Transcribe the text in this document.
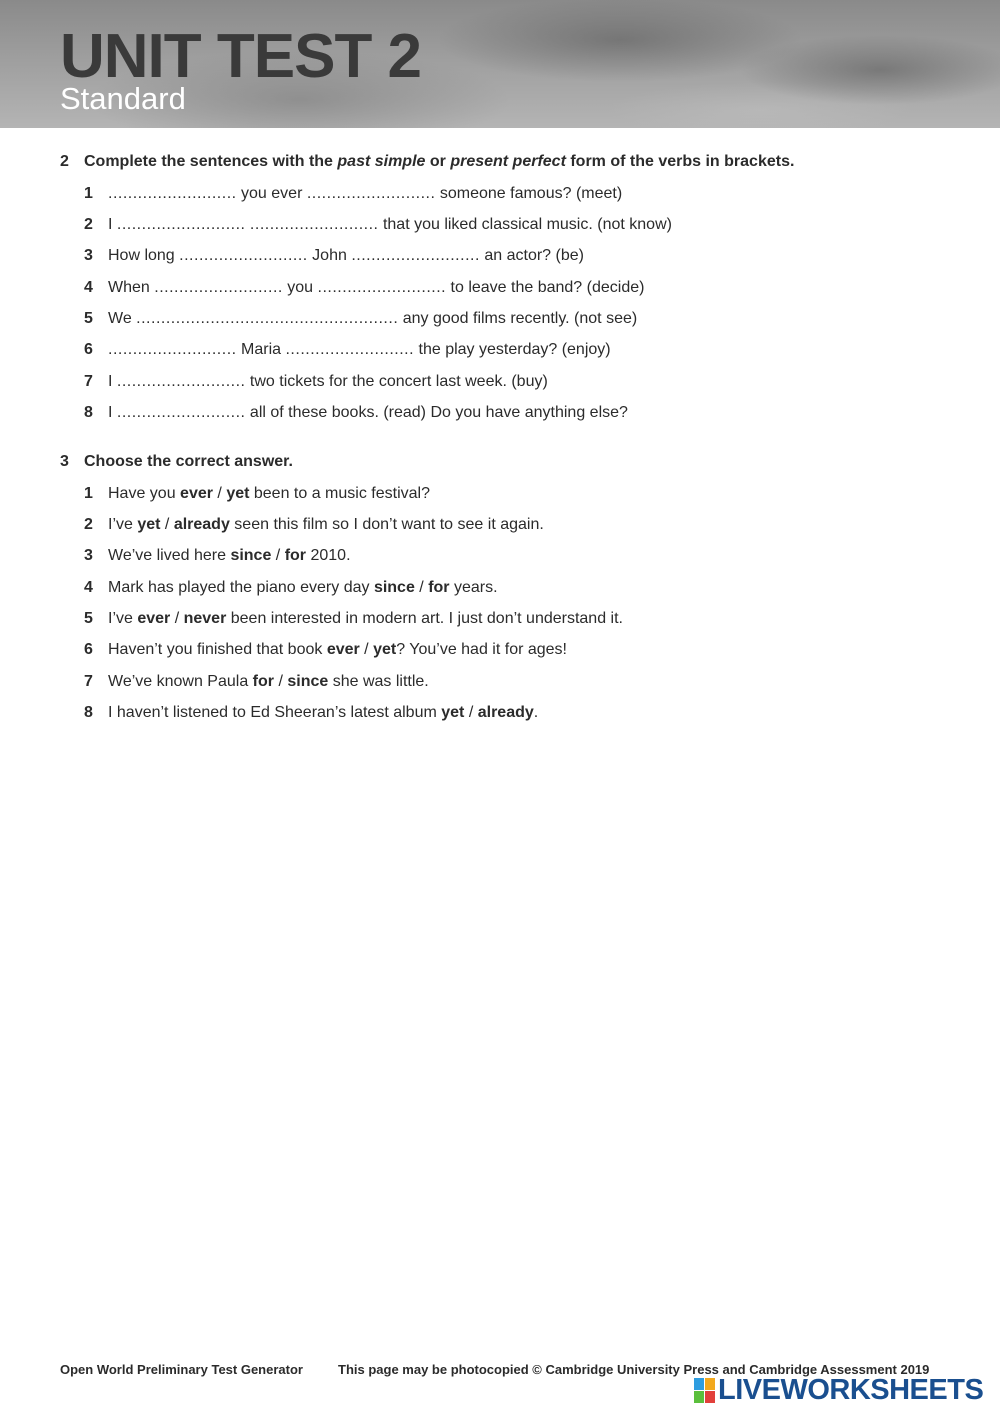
UNIT TEST 2
Standard
2 Complete the sentences with the past simple or present perfect form of the verbs in brackets.
1 .......................... you ever .......................... someone famous? (meet)
2 I .......................... .......................... that you liked classical music. (not know)
3 How long .......................... John .......................... an actor? (be)
4 When .......................... you .......................... to leave the band? (decide)
5 We ..................................................... any good films recently. (not see)
6 .......................... Maria .......................... the play yesterday? (enjoy)
7 I .......................... two tickets for the concert last week. (buy)
8 I .......................... all of these books. (read) Do you have anything else?
3 Choose the correct answer.
1 Have you ever / yet been to a music festival?
2 I’ve yet / already seen this film so I don’t want to see it again.
3 We’ve lived here since / for 2010.
4 Mark has played the piano every day since / for years.
5 I’ve ever / never been interested in modern art. I just don’t understand it.
6 Haven’t you finished that book ever / yet? You’ve had it for ages!
7 We’ve known Paula for / since she was little.
8 I haven’t listened to Ed Sheeran’s latest album yet / already.
Open World Preliminary Test Generator	This page may be photocopied © Cambridge University Press and Cambridge Assessment 2019
LIVEWORKSHEETS
